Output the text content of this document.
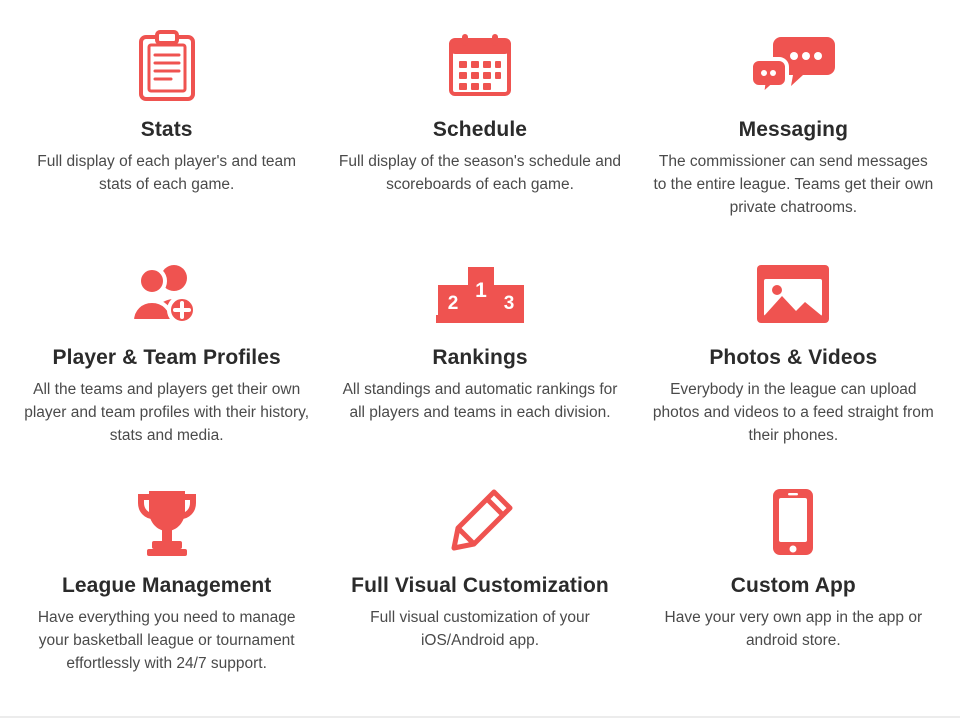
Stats

Full display of each player's and team stats of each game.

Schedule

Full display of the season's schedule and scoreboards of each game.

Messaging

The commissioner can send messages to the entire league. Teams get their own private chatrooms.

Player & Team Profiles

All the teams and players get their own player and team profiles with their history, stats and media.

1
2 3
Rankings

All standings and automatic rankings for all players and teams in each division.

Photos & Videos

Everybody in the league can upload photos and videos to a feed straight from their phones.

League Management

Have everything you need to manage your basketball league or tournament effortlessly with 24/7 support.

Full Visual Customization

Full visual customization of your iOS/Android app.

Custom App

Have your very own app in the app or android store.
